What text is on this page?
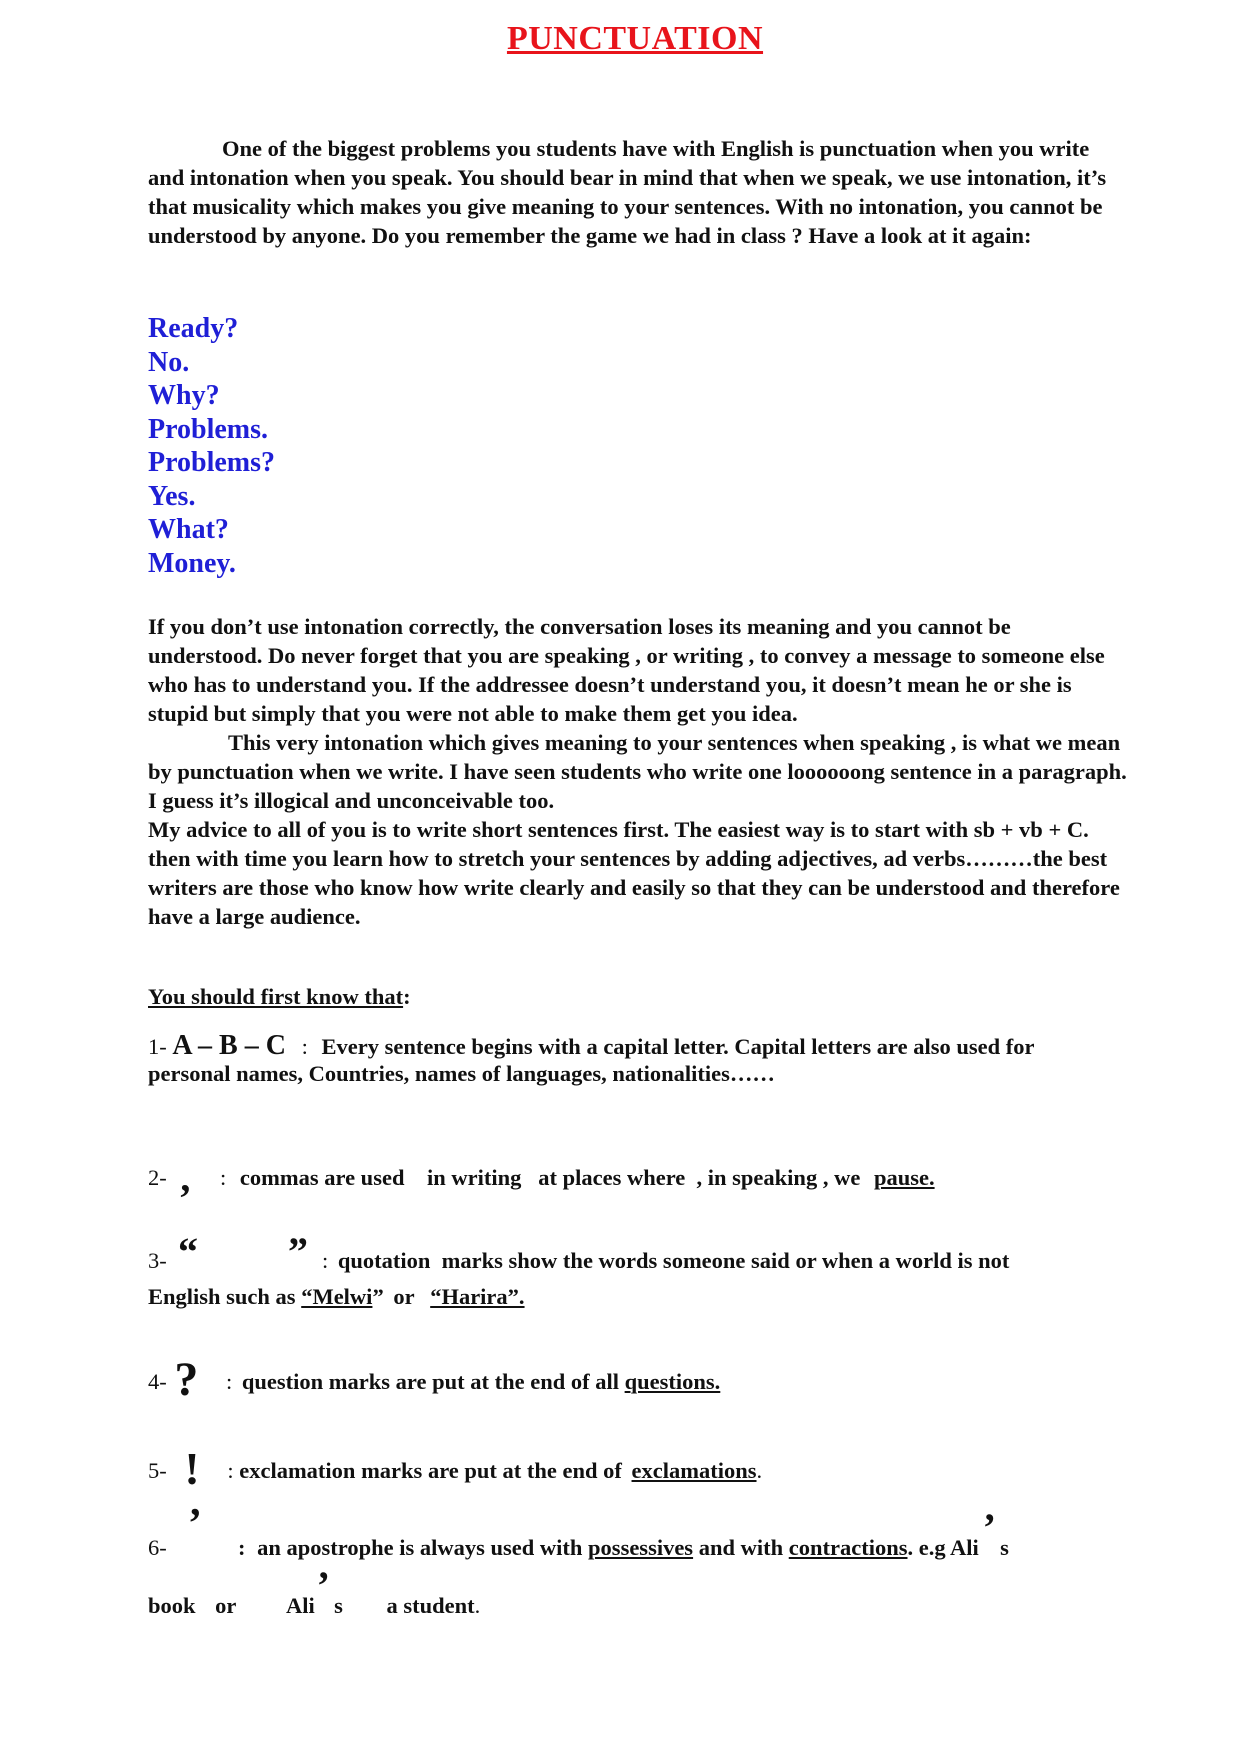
PUNCTUATION
One of the biggest problems you students have with English is punctuation when you write and intonation when you speak. You should bear in mind that when we speak, we use intonation, it’s that musicality which makes you give meaning to your sentences. With no intonation, you cannot be understood by anyone. Do you remember the game we had in class ? Have a look at it again:
Ready?
No.
Why?
Problems.
Problems?
Yes.
What?
Money.
If you don’t use intonation correctly, the conversation loses its meaning and you cannot be understood. Do never forget that you are speaking , or writing , to convey a message to someone else who has to understand you. If the addressee doesn’t understand you, it doesn’t mean he or she is stupid but simply that you were not able to make them get you idea.
This very intonation which gives meaning to your sentences when speaking , is what we mean by punctuation when we write. I have seen students who write one loooooong sentence in a paragraph. I guess it’s illogical and unconceivable too.
My advice to all of you is to write short sentences first. The easiest way is to start with sb + vb + C. then with time you learn how to stretch your sentences by adding adjectives, ad verbs………the best writers are those who know how write clearly and easily so that they can be understood and therefore have a large audience.
You should first know that:
1- A – B – C : Every sentence begins with a capital letter. Capital letters are also used for
personal names, Countries, names of languages, nationalities……
2- , : commas are used    in writing   at places where  , in speaking , we pause.
“ ”
3-	: quotation  marks show the words someone said or when a world is not
English such as “Melwi” or “Harira”.
4- ? : question marks are put at the end of all questions.
5- ! : exclamation marks are put at the end of exclamations.
’
6-	: an apostrophe is always used with possessives and with contractions. e.g Ali ’ s
book or Ali’ s a student.
